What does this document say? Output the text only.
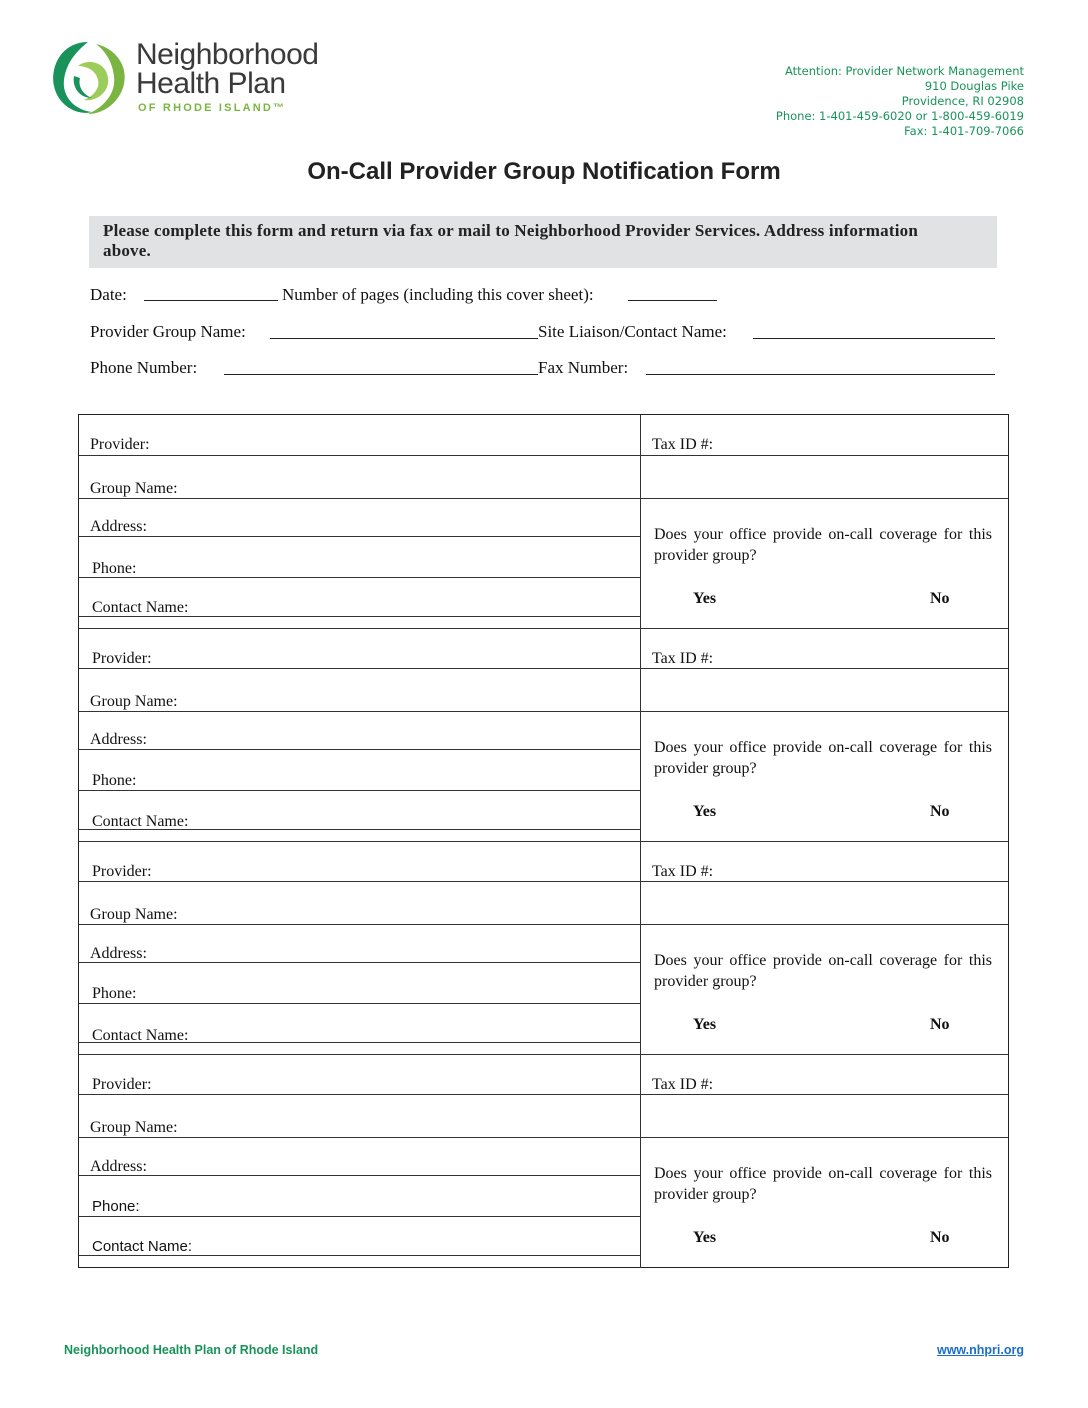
Neighborhood
Health Plan
OF RHODE ISLAND™
Attention: Provider Network Management
910 Douglas Pike
Providence, RI 02908
Phone: 1-401-459-6020 or 1-800-459-6019
Fax: 1-401-709-7066
On-Call Provider Group Notification Form
Please complete this form and return via fax or mail to Neighborhood Provider Services. Address information above.
Date:	Number of pages (including this cover sheet):
Provider Group Name:	Site Liaison/Contact Name:
Phone Number:	Fax Number:
Provider:	Tax ID #:
Group Name:
Address:
Phone:
Contact Name:
Does your office provide on-call coverage for this provider group?
Yes	No
Provider:	Tax ID #:
Group Name:
Address:
Phone:
Contact Name:
Does your office provide on-call coverage for this provider group?
Yes	No
Provider:	Tax ID #:
Group Name:
Address:
Phone:
Contact Name:
Does your office provide on-call coverage for this provider group?
Yes	No
Provider:	Tax ID #:
Group Name:
Address:
Phone:
Contact Name:
Does your office provide on-call coverage for this provider group?
Yes	No
Neighborhood Health Plan of Rhode Island	www.nhpri.org
